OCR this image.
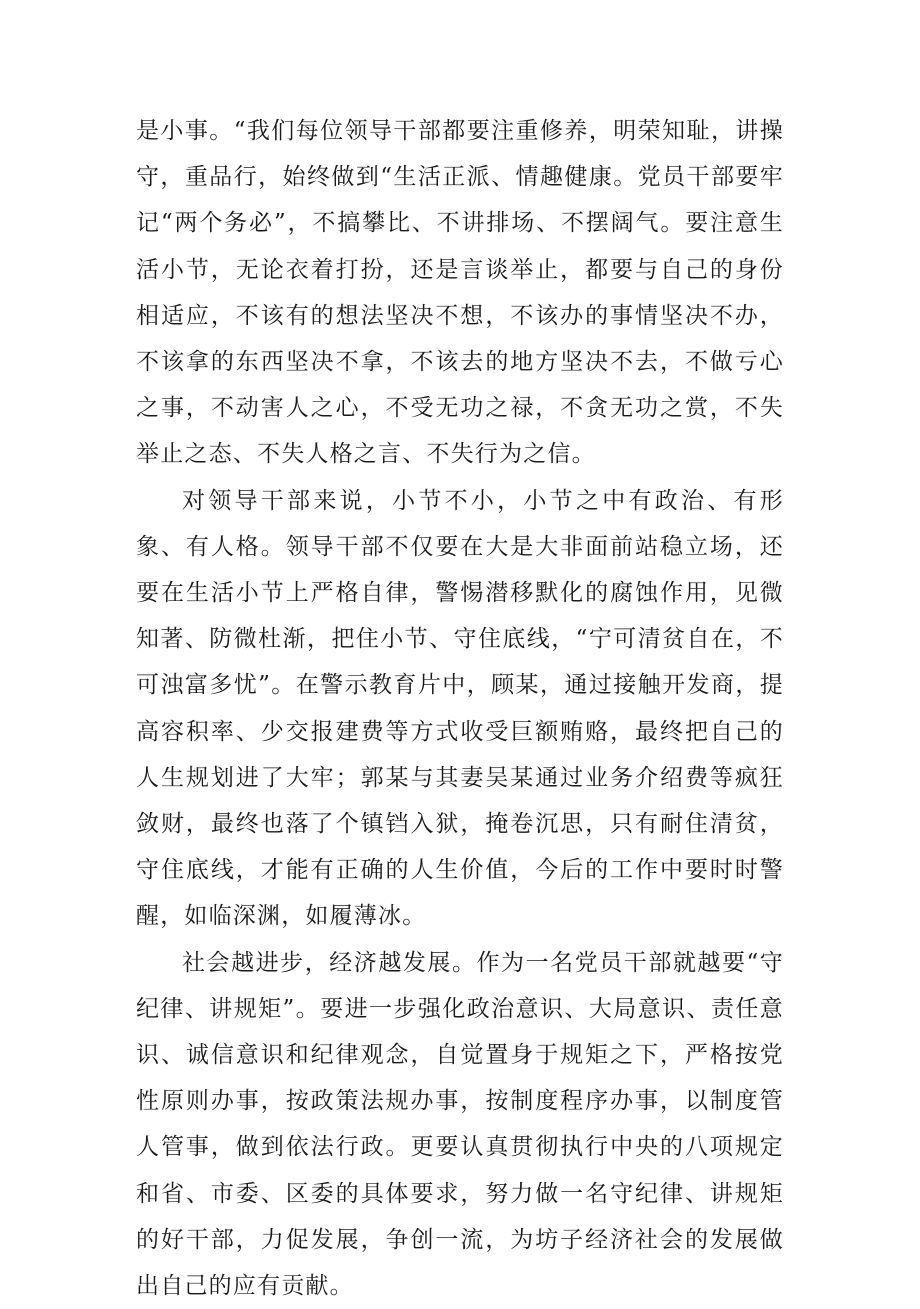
是小事。“我们每位领导干部都要注重修养，明荣知耻，讲操守，重品行，始终做到“生活正派、情趣健康。党员干部要牢记“两个务必”，不搞攀比、不讲排场、不摆阔气。要注意生活小节，无论衣着打扮，还是言谈举止，都要与自己的身份相适应，不该有的想法坚决不想，不该办的事情坚决不办，不该拿的东西坚决不拿，不该去的地方坚决不去，不做亏心之事，不动害人之心，不受无功之禄，不贪无功之赏，不失举止之态、不失人格之言、不失行为之信。

对领导干部来说，小节不小，小节之中有政治、有形象、有人格。领导干部不仅要在大是大非面前站稳立场，还要在生活小节上严格自律，警惕潜移默化的腐蚀作用，见微知著、防微杜渐，把住小节、守住底线，“宁可清贫自在，不可浊富多忧”。在警示教育片中，顾某，通过接触开发商，提高容积率、少交报建费等方式收受巨额贿赂，最终把自己的人生规划进了大牢；郭某与其妻吴某通过业务介绍费等疯狂敛财，最终也落了个镇铛入狱，掩卷沉思，只有耐住清贫，守住底线，才能有正确的人生价值，今后的工作中要时时警醒，如临深渊，如履薄冰。

社会越进步，经济越发展。作为一名党员干部就越要“守纪律、讲规矩”。要进一步强化政治意识、大局意识、责任意识、诚信意识和纪律观念，自觉置身于规矩之下，严格按党性原则办事，按政策法规办事，按制度程序办事，以制度管人管事，做到依法行政。更要认真贯彻执行中央的八项规定和省、市委、区委的具体要求，努力做一名守纪律、讲规矩的好干部，力促发展，争创一流，为坊子经济社会的发展做出自己的应有贡献。
